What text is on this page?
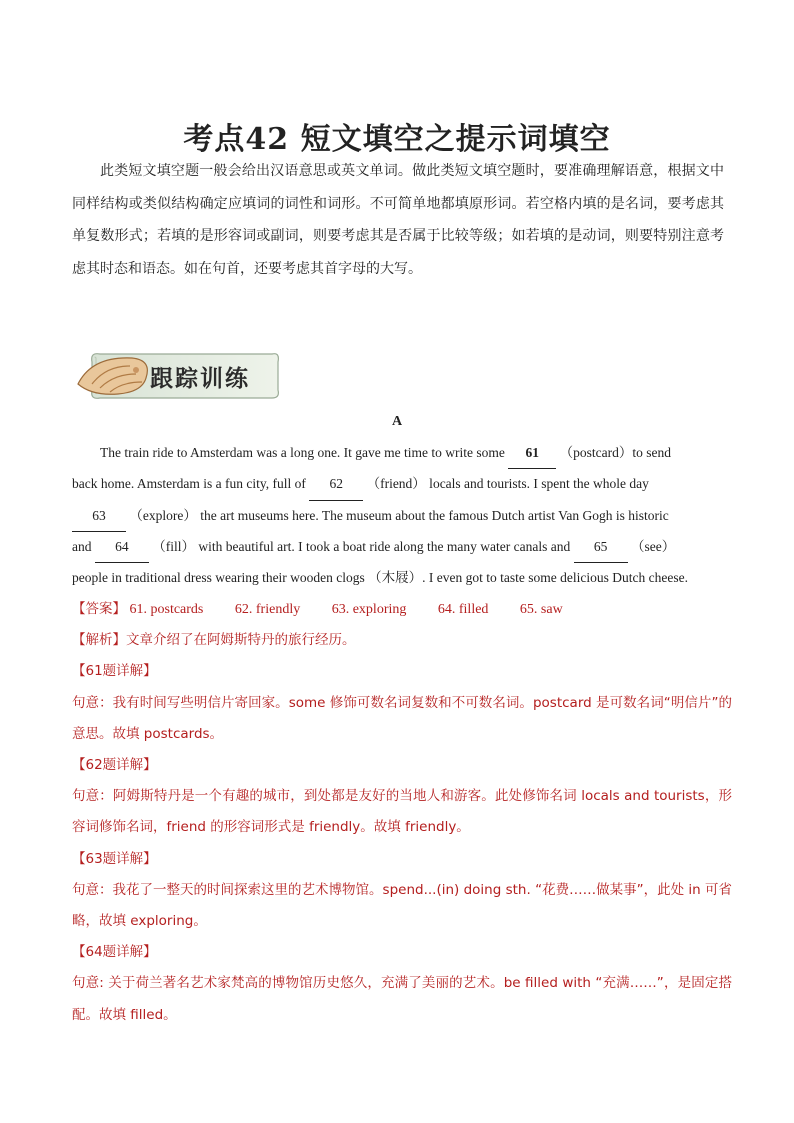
考点42 短文填空之提示词填空
此类短文填空题一般会给出汉语意思或英文单词。做此类短文填空题时，要准确理解语意，根据文中同样结构或类似结构确定应填词的词性和词形。不可简单地都填原形词。若空格内填的是名词，要考虑其单复数形式；若填的是形容词或副词，则要考虑其是否属于比较等级；如若填的是动词，则要特别注意考虑其时态和语态。如在句首，还要考虑其首字母的大写。
跟踪训练
A
The train ride to Amsterdam was a long one. It gave me time to write some 61 （postcard）to send
back home. Amsterdam is a fun city, full of 62 （friend） locals and tourists. I spent the whole day
63 （explore） the art museums here. The museum about the famous Dutch artist Van Gogh is historic
and 64 （fill） with beautiful art. I took a boat ride along the many water canals and 65 （see）
people in traditional dress wearing their wooden clogs （木屐）. I even got to taste some delicious Dutch cheese.
【答案】 61. postcards 62. friendly 63. exploring 64. filled 65. saw
【解析】文章介绍了在阿姆斯特丹的旅行经历。
【61题详解】
句意：我有时间写些明信片寄回家。some 修饰可数名词复数和不可数名词。postcard 是可数名词“明信片”的意思。故填 postcards。
【62题详解】
句意：阿姆斯特丹是一个有趣的城市，到处都是友好的当地人和游客。此处修饰名词 locals and tourists，形容词修饰名词，friend 的形容词形式是 friendly。故填 friendly。
【63题详解】
句意：我花了一整天的时间探索这里的艺术博物馆。spend...(in) doing sth. “花费……做某事”，此处 in 可省略，故填 exploring。
【64题详解】
句意: 关于荷兰著名艺术家梵高的博物馆历史悠久，充满了美丽的艺术。be filled with “充满……”，是固定搭配。故填 filled。
